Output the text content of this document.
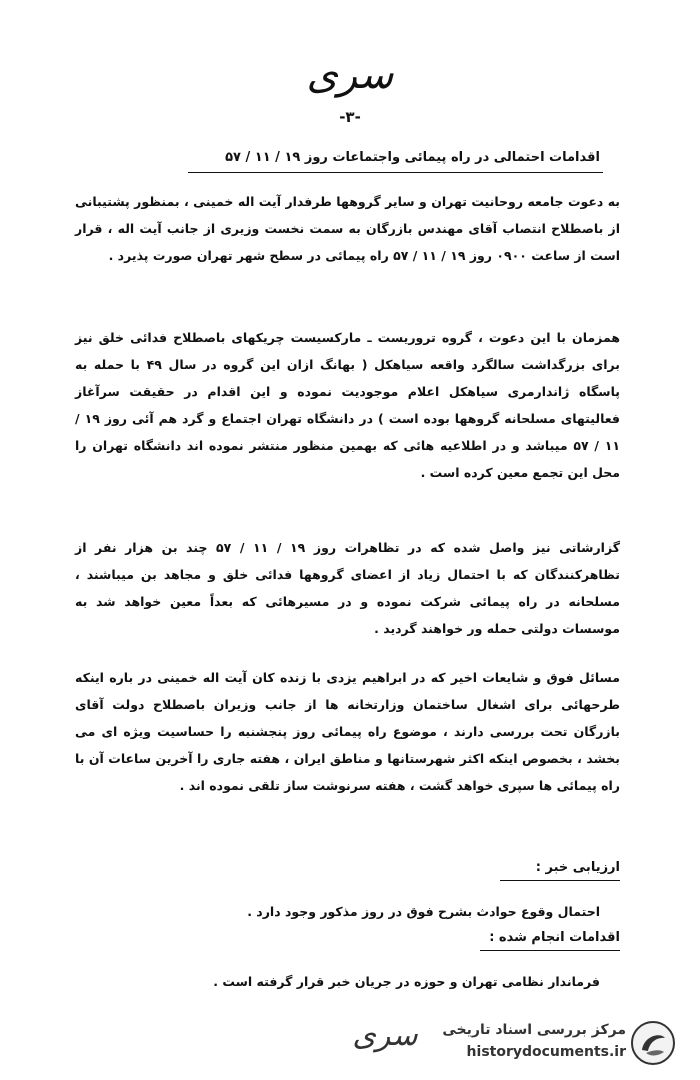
سری
-۳-
اقدامات احتمالی در راه پیمائی واجتماعات روز ۱۹ / ۱۱ / ۵۷

به دعوت جامعه روحانیت تهران و سایر گروهها طرفدار آیت اله خمینی ، بمنظور پشتیبانی از باصطلاح انتصاب آقای مهندس بازرگان به سمت نخست وزیری از جانب آیت اله ، قرار است از ساعت ۰۹۰۰ روز ۱۹ / ۱۱ / ۵۷ راه پیمائی در سطح شهر تهران صورت پذیرد .

همزمان با این دعوت ، گروه تروریست ـ مارکسیست چریکهای باصطلاح فدائی خلق نیز برای بزرگداشت سالگرد واقعه سیاهکل ( بهانگ ازان این گروه در سال ۴۹ با حمله به پاسگاه ژاندارمری سیاهکل اعلام موجودیت نموده و این اقدام در حقیقت سرآغاز فعالیتهای مسلحانه گروهها بوده است ) در دانشگاه تهران اجتماع و گرد هم آئی روز ۱۹ / ۱۱ / ۵۷ میباشد و در اطلاعیه هائی که بهمین منظور منتشر نموده اند دانشگاه تهران را محل این تجمع معین کرده است .

گزارشاتی نیز واصل شده که در تظاهرات روز ۱۹ / ۱۱ / ۵۷ چند بن هزار نفر از تظاهرکنندگان که با احتمال زیاد از اعضای گروهها فدائی خلق و مجاهد بن میباشند ، مسلحانه در راه پیمائی شرکت نموده و در مسیرهائی که بعداً معین خواهد شد به موسسات دولتی حمله ور خواهند گردید .

مسائل فوق و شایعات اخیر که در ابراهیم یزدی با زنده کان آیت اله خمینی در باره اینکه طرحهائی برای اشغال ساختمان وزارتخانه ها از جانب وزیران باصطلاح دولت آقای بازرگان تحت بررسی دارند ، موضوع راه پیمائی روز پنجشنبه را حساسیت ویژه ای می بخشد ، بخصوص اینکه اکثر شهرستانها و مناطق ایران ، هفته جاری را آخرین ساعات آن با راه پیمائی ها سپری خواهد گشت ، هفته سرنوشت ساز تلقی نموده اند .

ارزیابی خبر :
احتمال وقوع حوادث بشرح فوق در روز مذکور وجود دارد .
اقدامات انجام شده :
فرماندار نظامی تهران و حوزه در جریان خبر قرار گرفته است .
سری	مرکز بررسی اسناد تاریخی
historydocuments.ir
